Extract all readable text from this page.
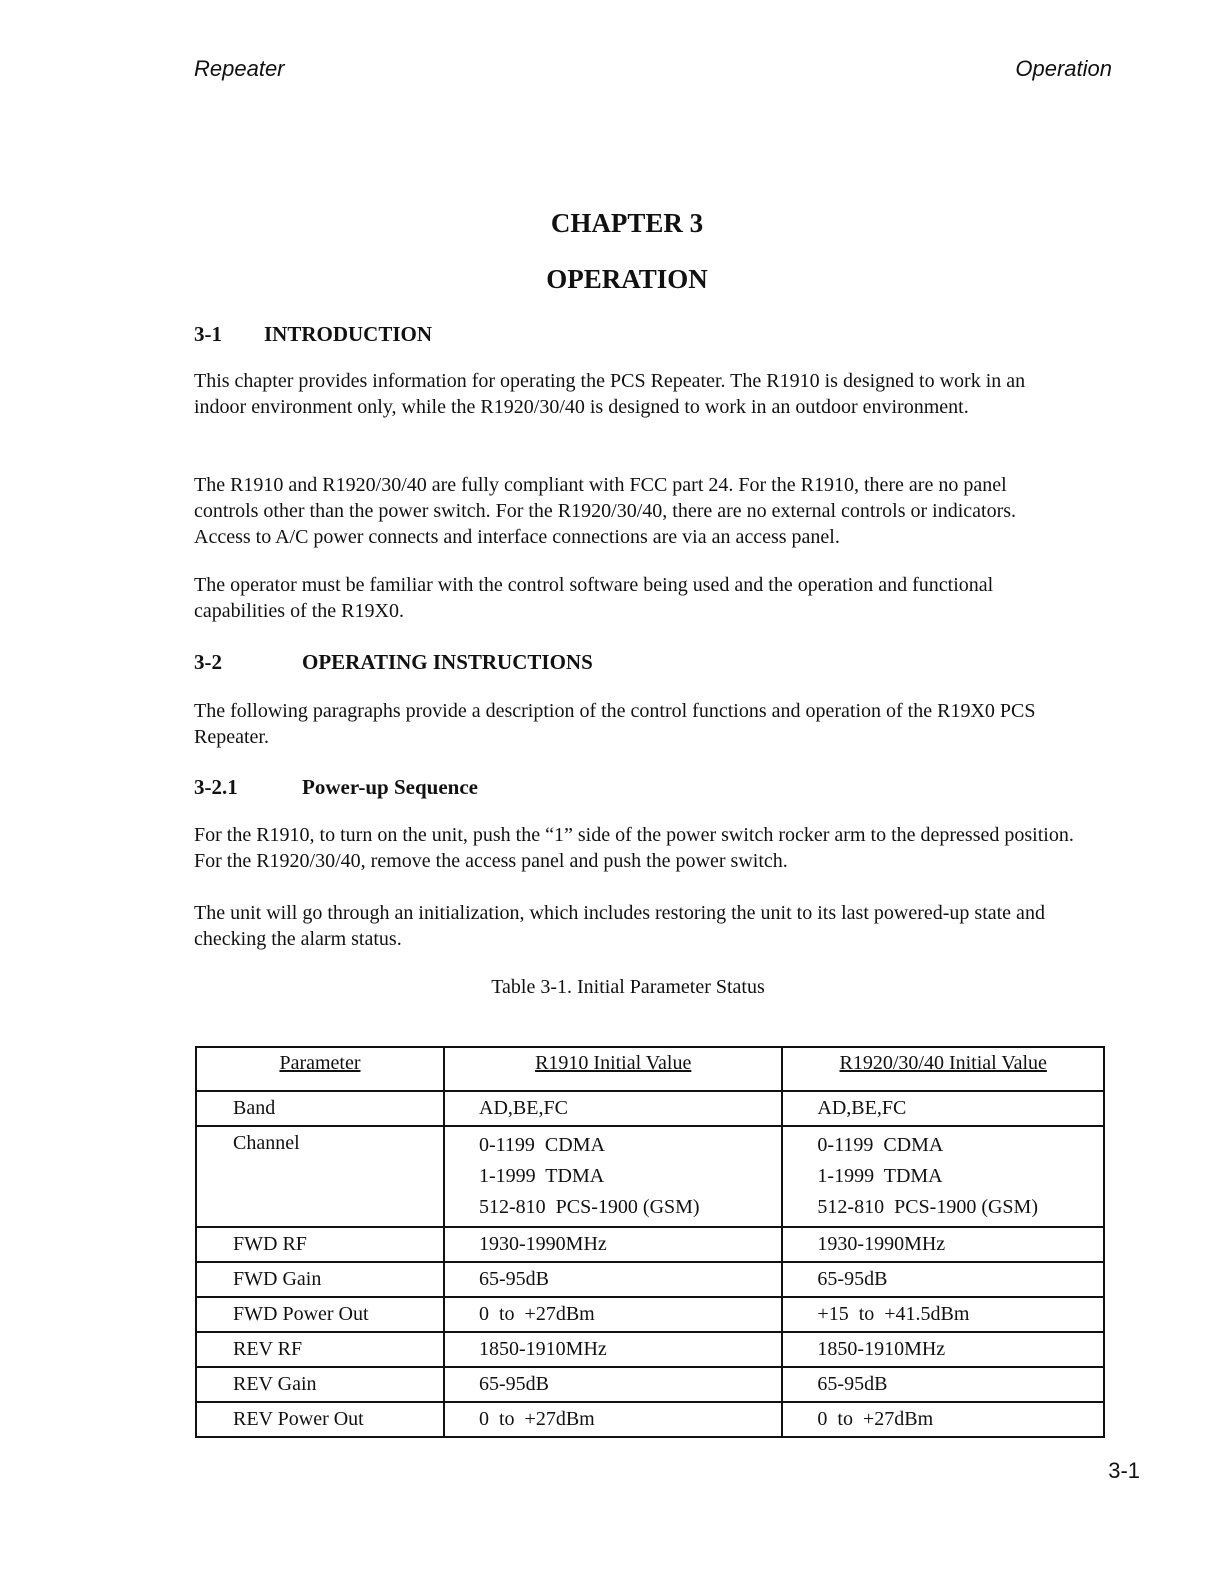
Repeater	Operation
CHAPTER 3
OPERATION
3-1 INTRODUCTION

This chapter provides information for operating the PCS Repeater. The R1910 is designed to work in an indoor environment only, while the R1920/30/40 is designed to work in an outdoor environment.

The R1910 and R1920/30/40 are fully compliant with FCC part 24. For the R1910, there are no panel controls other than the power switch. For the R1920/30/40, there are no external controls or indicators. Access to A/C power connects and interface connections are via an access panel.

The operator must be familiar with the control software being used and the operation and functional capabilities of the R19X0.

3-2	OPERATING INSTRUCTIONS

The following paragraphs provide a description of the control functions and operation of the R19X0 PCS Repeater.

3-2.1	Power-up Sequence

For the R1910, to turn on the unit, push the “1” side of the power switch rocker arm to the depressed position. For the R1920/30/40, remove the access panel and push the power switch.

The unit will go through an initialization, which includes restoring the unit to its last powered-up state and checking the alarm status.

Table 3-1. Initial Parameter Status
Parameter	R1910 Initial Value	R1920/30/40 Initial Value
Band	AD,BE,FC	AD,BE,FC
Channel	0-1199  CDMA
1-1999  TDMA
512-810  PCS-1900 (GSM)	0-1199  CDMA
1-1999  TDMA
512-810  PCS-1900 (GSM)

FWD RF	1930-1990MHz	1930-1990MHz
FWD Gain	65-95dB	65-95dB
FWD Power Out	0  to  +27dBm	+15  to  +41.5dBm
REV RF	1850-1910MHz	1850-1910MHz
REV Gain	65-95dB	65-95dB
REV Power Out	0  to  +27dBm	0  to  +27dBm
3-1
